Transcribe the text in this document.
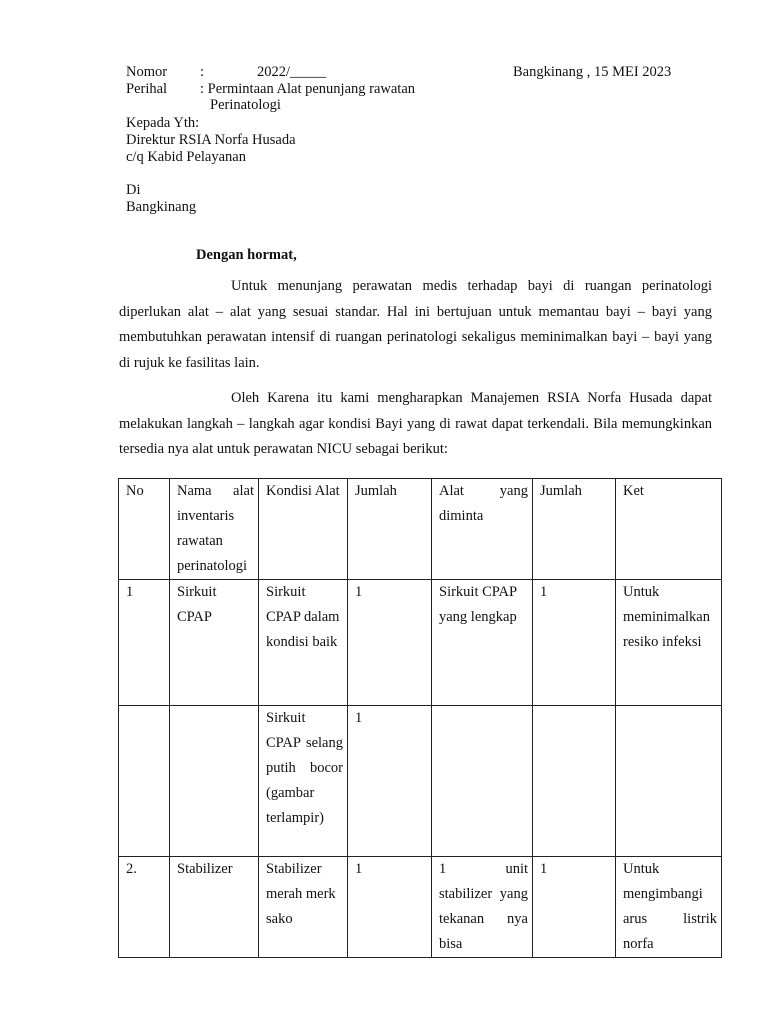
Nomor :	2022/_____	Bangkinang , 15 MEI 2023
Perihal : Permintaan Alat penunjang rawatan
Perinatologi
Kepada Yth:
Direktur RSIA Norfa Husada
c/q Kabid Pelayanan
Di
Bangkinang
Dengan hormat,
Untuk menunjang perawatan medis terhadap bayi di ruangan perinatologi diperlukan alat – alat yang sesuai standar. Hal ini bertujuan untuk memantau bayi – bayi yang membutuhkan perawatan intensif di ruangan perinatologi sekaligus meminimalkan bayi – bayi yang di rujuk ke fasilitas lain.
Oleh Karena itu kami mengharapkan Manajemen RSIA Norfa Husada dapat melakukan langkah – langkah agar kondisi Bayi yang di rawat dapat terkendali. Bila memungkinkan tersedia nya alat untuk perawatan NICU sebagai berikut:
No	Nama alat inventaris rawatan perinatologi	Kondisi Alat	Jumlah	Alat yang diminta	Jumlah	Ket
1	Sirkuit CPAP	Sirkuit CPAP dalam kondisi baik	1	Sirkuit CPAP yang lengkap	1	Untuk meminimalkan resiko infeksi
		Sirkuit CPAP selang putih bocor (gambar terlampir)	1			
2.	Stabilizer	Stabilizer merah merk sako	1	1 unit stabilizer yang tekanan nya bisa	1	Untuk mengimbangi arus listrik norfa
